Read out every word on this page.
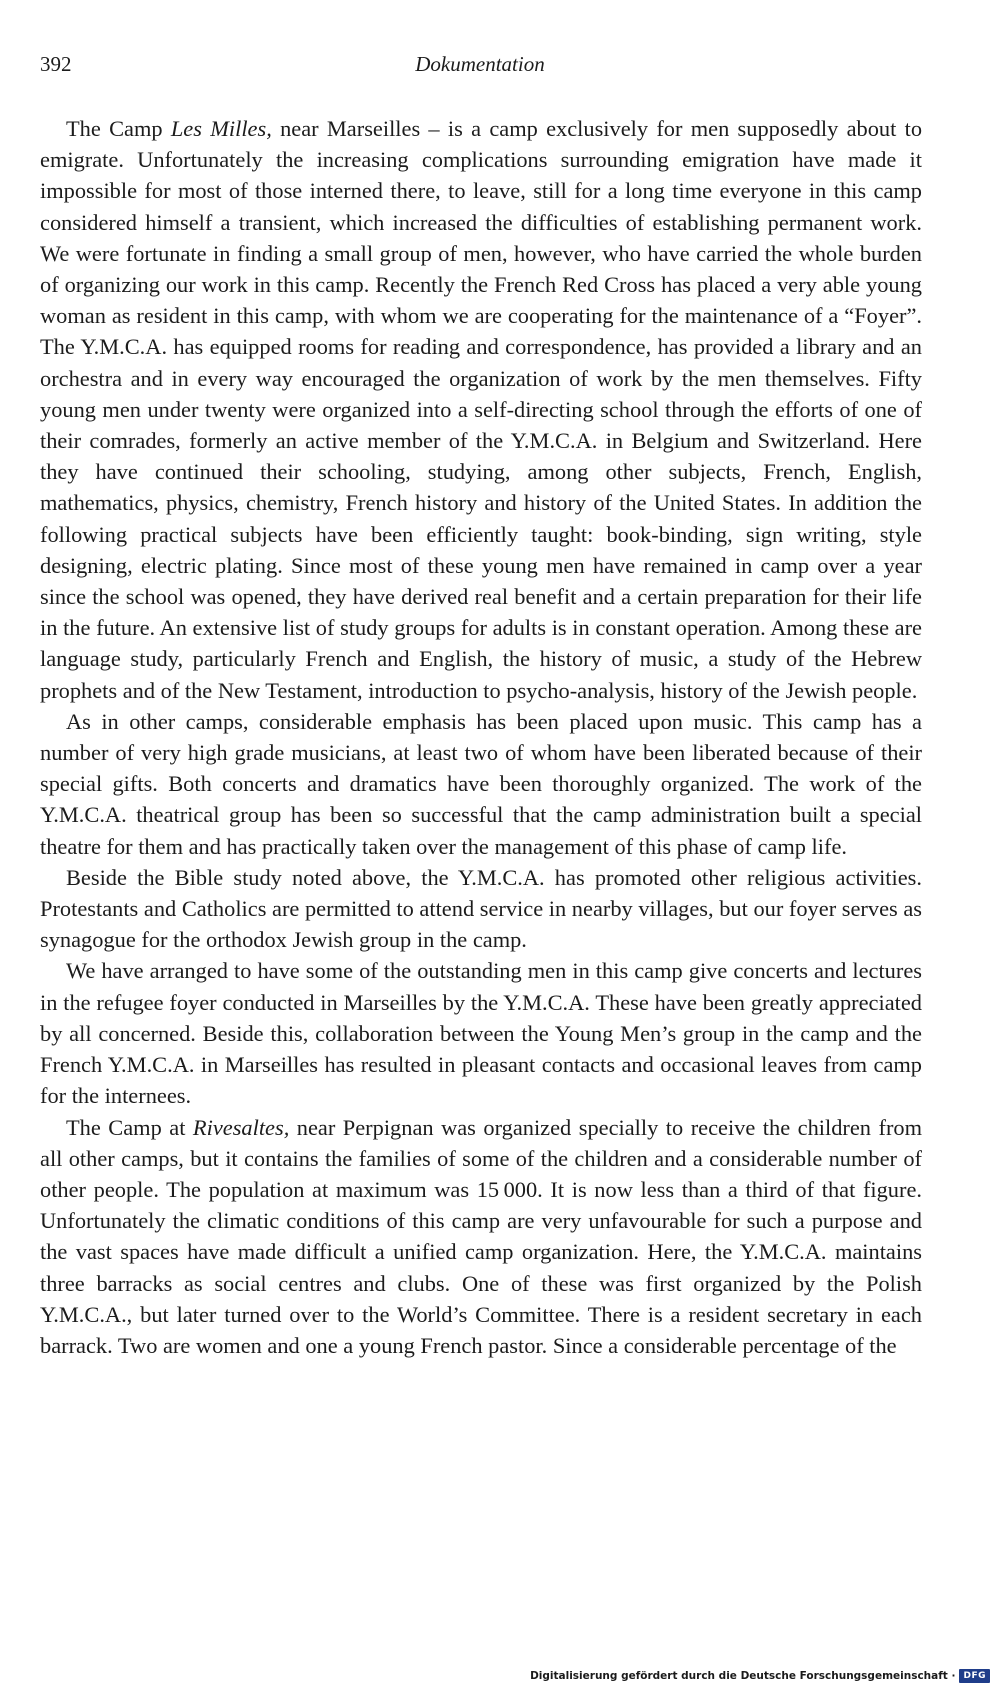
392	Dokumentation

The Camp Les Milles, near Marseilles – is a camp exclusively for men supposedly about to emigrate. Unfortunately the increasing complications surrounding emigration have made it impossible for most of those interned there, to leave, still for a long time everyone in this camp considered himself a transient, which increased the difficulties of establishing permanent work. We were fortunate in finding a small group of men, however, who have carried the whole burden of organizing our work in this camp. Recently the French Red Cross has placed a very able young woman as resident in this camp, with whom we are cooperating for the maintenance of a “Foyer”. The Y.M.C.A. has equipped rooms for reading and correspondence, has provided a library and an orchestra and in every way encouraged the organization of work by the men themselves. Fifty young men under twenty were organized into a self-directing school through the efforts of one of their comrades, formerly an active member of the Y.M.C.A. in Belgium and Switzerland. Here they have continued their schooling, studying, among other subjects, French, English, mathematics, physics, chemistry, French history and history of the United States. In addition the following practical subjects have been efficiently taught: book-binding, sign writing, style designing, electric plating. Since most of these young men have remained in camp over a year since the school was opened, they have derived real benefit and a certain preparation for their life in the future. An extensive list of study groups for adults is in constant operation. Among these are language study, particularly French and English, the history of music, a study of the Hebrew prophets and of the New Testament, introduction to psycho-analysis, history of the Jewish people.

As in other camps, considerable emphasis has been placed upon music. This camp has a number of very high grade musicians, at least two of whom have been liberated because of their special gifts. Both concerts and dramatics have been thoroughly organized. The work of the Y.M.C.A. theatrical group has been so successful that the camp administration built a special theatre for them and has practically taken over the management of this phase of camp life.

Beside the Bible study noted above, the Y.M.C.A. has promoted other religious activities. Protestants and Catholics are permitted to attend service in nearby villages, but our foyer serves as synagogue for the orthodox Jewish group in the camp.

We have arranged to have some of the outstanding men in this camp give concerts and lectures in the refugee foyer conducted in Marseilles by the Y.M.C.A. These have been greatly appreciated by all concerned. Beside this, collaboration between the Young Men’s group in the camp and the French Y.M.C.A. in Marseilles has resulted in pleasant contacts and occasional leaves from camp for the internees.

The Camp at Rivesaltes, near Perpignan was organized specially to receive the children from all other camps, but it contains the families of some of the children and a considerable number of other people. The population at maximum was 15 000. It is now less than a third of that figure. Unfortunately the climatic conditions of this camp are very unfavourable for such a purpose and the vast spaces have made difficult a unified camp organization. Here, the Y.M.C.A. maintains three barracks as social centres and clubs. One of these was first organized by the Polish Y.M.C.A., but later turned over to the World’s Committee. There is a resident secretary in each barrack. Two are women and one a young French pastor. Since a considerable percentage of the

Digitalisierung gefördert durch die Deutsche Forschungsgemeinschaft · DFG
